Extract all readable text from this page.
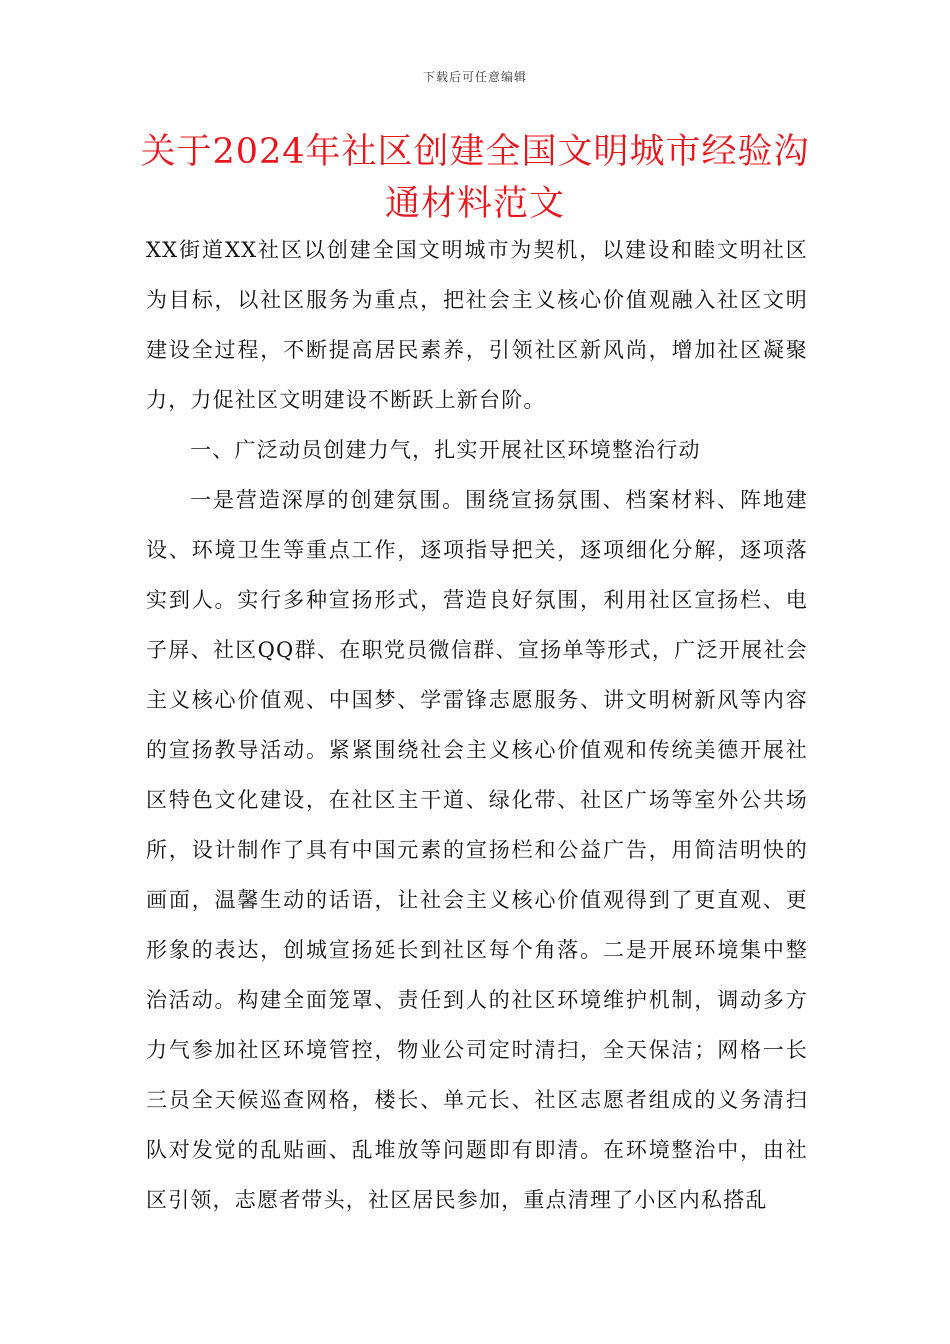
下载后可任意编辑
关于2024年社区创建全国文明城市经验沟通材料范文

XX街道XX社区以创建全国文明城市为契机，以建设和睦文明社区为目标，以社区服务为重点，把社会主义核心价值观融入社区文明建设全过程，不断提高居民素养，引领社区新风尚，增加社区凝聚力，力促社区文明建设不断跃上新台阶。

一、广泛动员创建力气，扎实开展社区环境整治行动

一是营造深厚的创建氛围。围绕宣扬氛围、档案材料、阵地建设、环境卫生等重点工作，逐项指导把关，逐项细化分解，逐项落实到人。实行多种宣扬形式，营造良好氛围，利用社区宣扬栏、电子屏、社区QQ群、在职党员微信群、宣扬单等形式，广泛开展社会主义核心价值观、中国梦、学雷锋志愿服务、讲文明树新风等内容的宣扬教导活动。紧紧围绕社会主义核心价值观和传统美德开展社区特色文化建设，在社区主干道、绿化带、社区广场等室外公共场所，设计制作了具有中国元素的宣扬栏和公益广告，用简洁明快的画面，温馨生动的话语，让社会主义核心价值观得到了更直观、更形象的表达，创城宣扬延长到社区每个角落。二是开展环境集中整治活动。构建全面笼罩、责任到人的社区环境维护机制，调动多方力气参加社区环境管控，物业公司定时清扫，全天保洁；网格一长三员全天候巡查网格，楼长、单元长、社区志愿者组成的义务清扫队对发觉的乱贴画、乱堆放等问题即有即清。在环境整治中，由社区引领，志愿者带头，社区居民参加，重点清理了小区内私搭乱
